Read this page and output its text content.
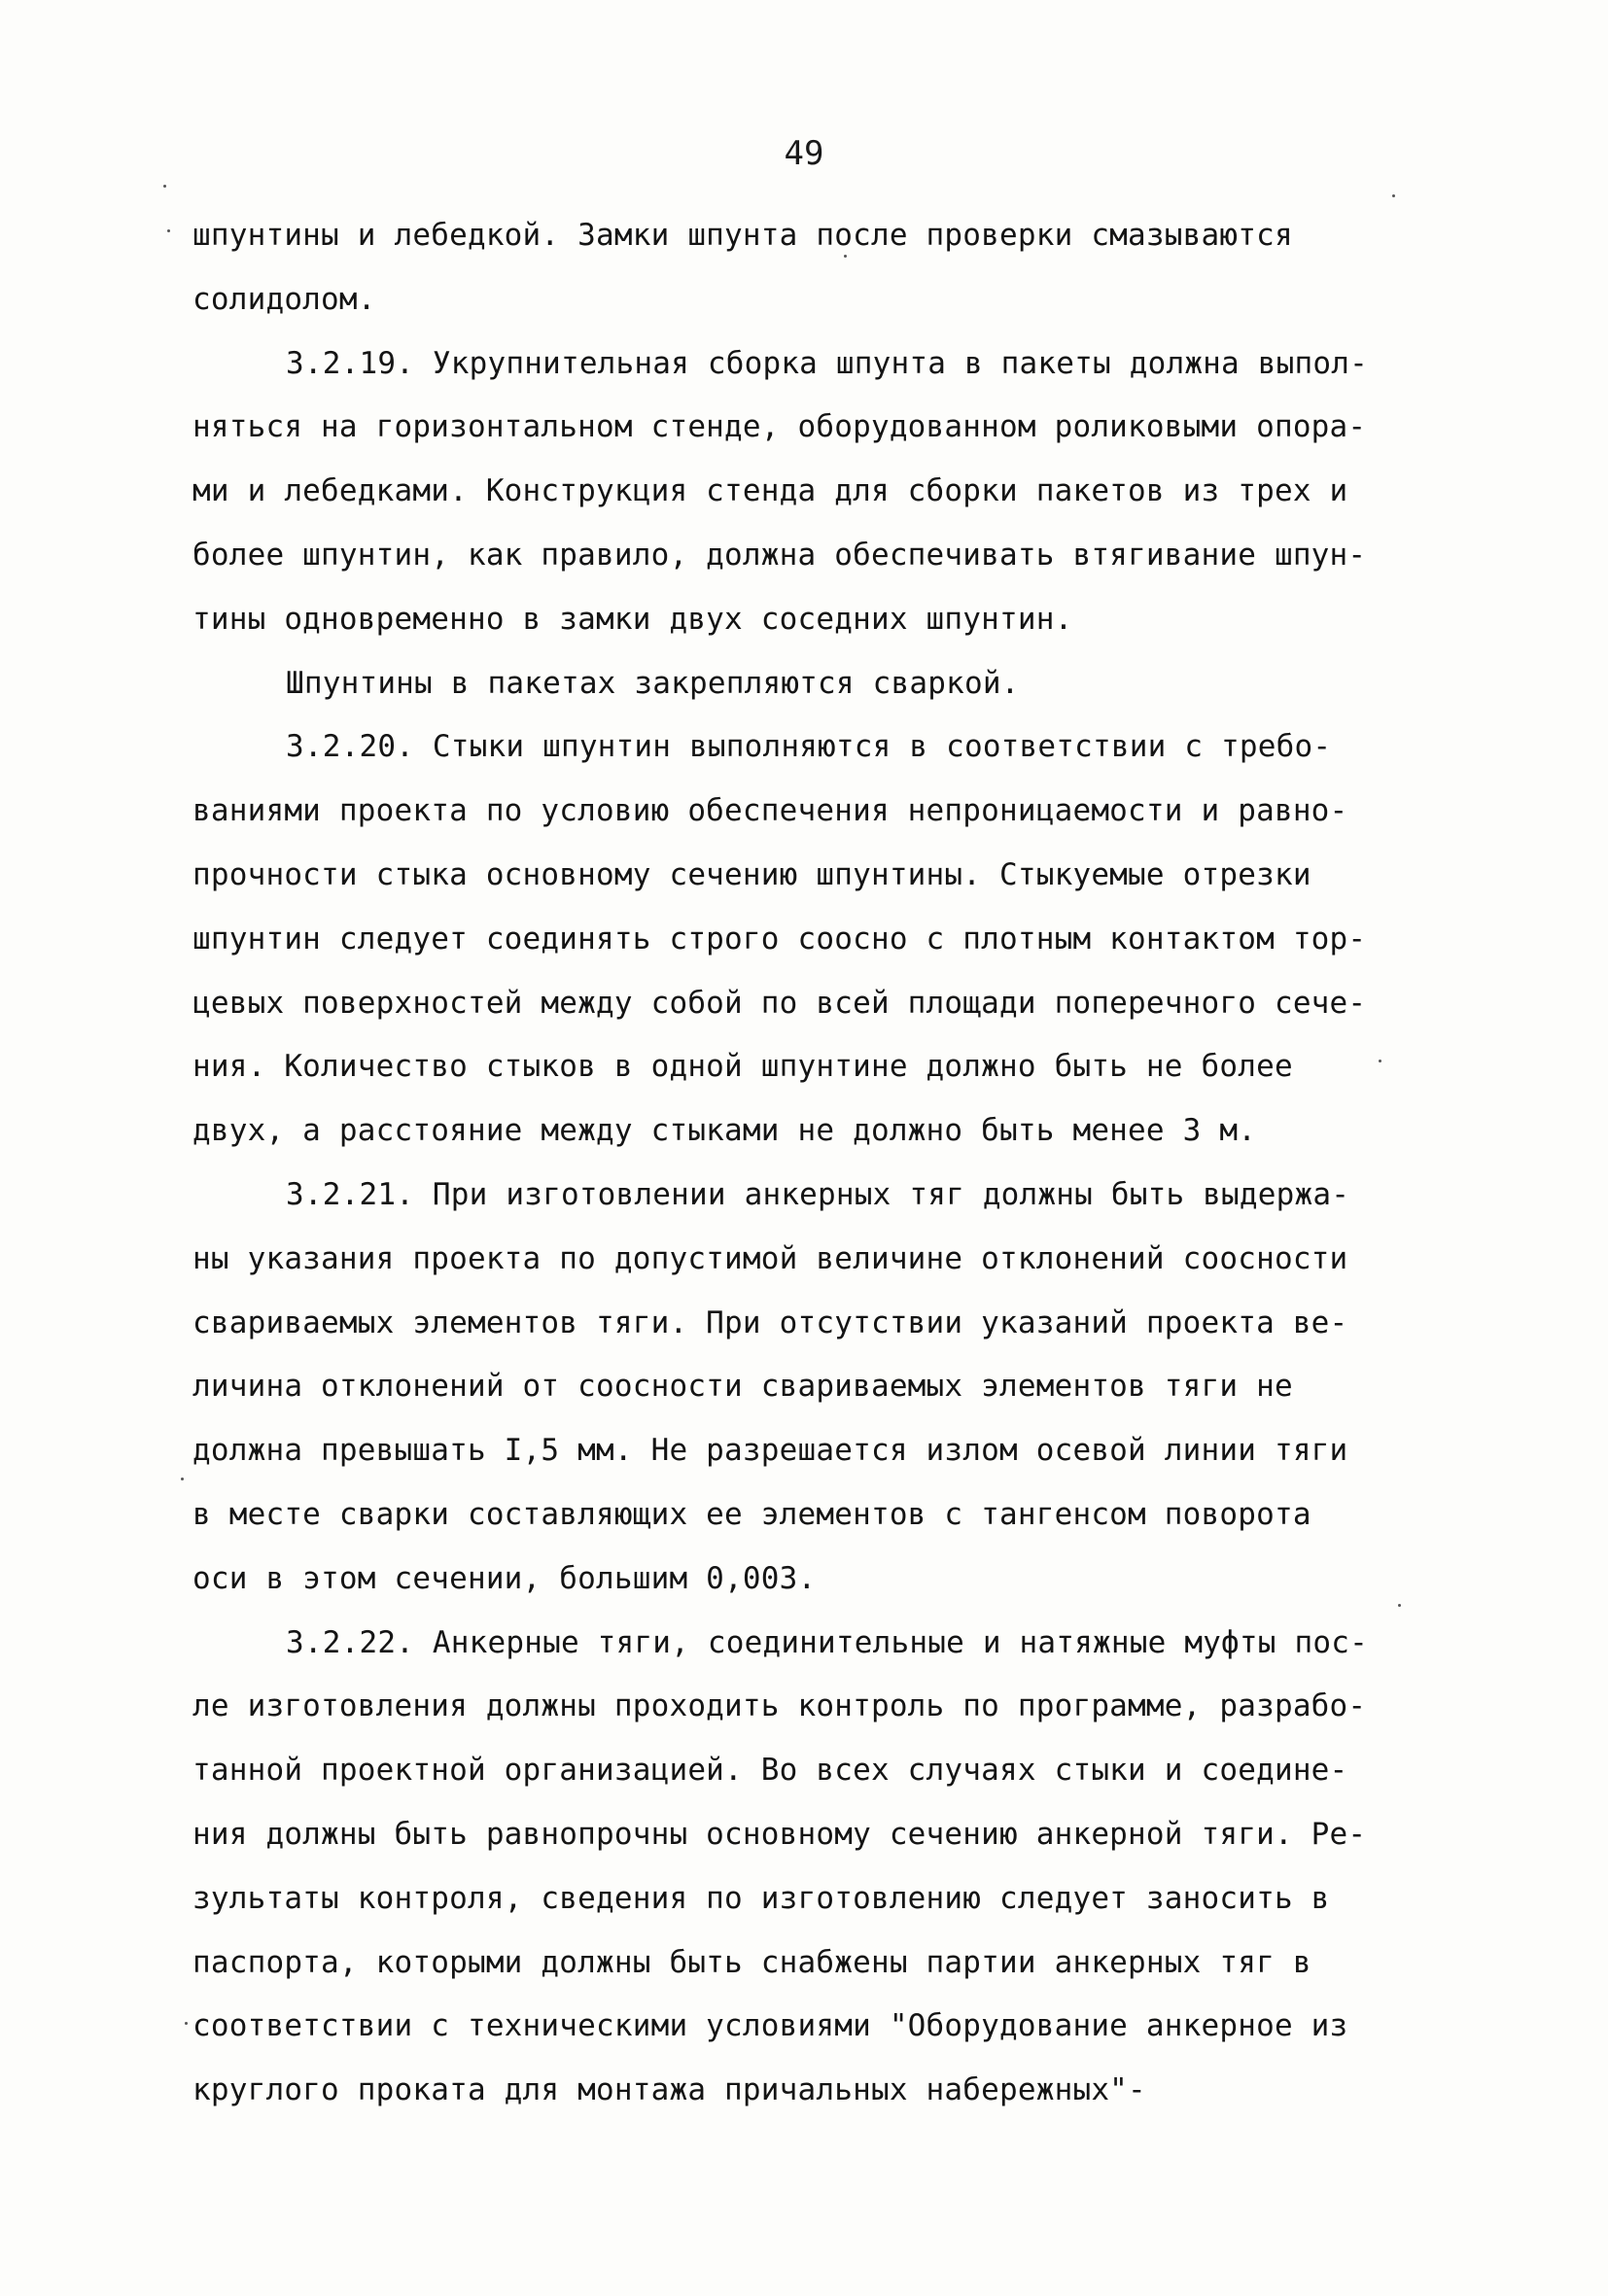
49
шпунтины и лебедкой. Замки шпунта после проверки смазываются
солидолом.
3.2.19. Укрупнительная сборка шпунта в пакеты должна выпол-
няться на горизонтальном стенде, оборудованном роликовыми опора-
ми и лебедками. Конструкция стенда для сборки пакетов из трех и
более шпунтин, как правило, должна обеспечивать втягивание шпун-
тины одновременно в замки двух соседних шпунтин.
Шпунтины в пакетах закрепляются сваркой.
3.2.20. Стыки шпунтин выполняются в соответствии с требо-
ваниями проекта по условию обеспечения непроницаемости и равно-
прочности стыка основному сечению шпунтины. Стыкуемые отрезки
шпунтин следует соединять строго соосно с плотным контактом тор-
цевых поверхностей между собой по всей площади поперечного сече-
ния. Количество стыков в одной шпунтине должно быть не более
двух, а расстояние между стыками не должно быть менее 3 м.
3.2.21. При изготовлении анкерных тяг должны быть выдержа-
ны указания проекта по допустимой величине отклонений соосности
свариваемых элементов тяги. При отсутствии указаний проекта ве-
личина отклонений от соосности свариваемых элементов тяги не
должна превышать I,5 мм. Не разрешается излом осевой линии тяги
в месте сварки составляющих ее элементов с тангенсом поворота
оси в этом сечении, большим 0,003.
3.2.22. Анкерные тяги, соединительные и натяжные муфты пос-
ле изготовления должны проходить контроль по программе, разрабо-
танной проектной организацией. Во всех случаях стыки и соедине-
ния должны быть равнопрочны основному сечению анкерной тяги. Ре-
зультаты контроля, сведения по изготовлению следует заносить в
паспорта, которыми должны быть снабжены партии анкерных тяг в
соответствии с техническими условиями "Оборудование анкерное из
круглого проката для монтажа причальных набережных"-
